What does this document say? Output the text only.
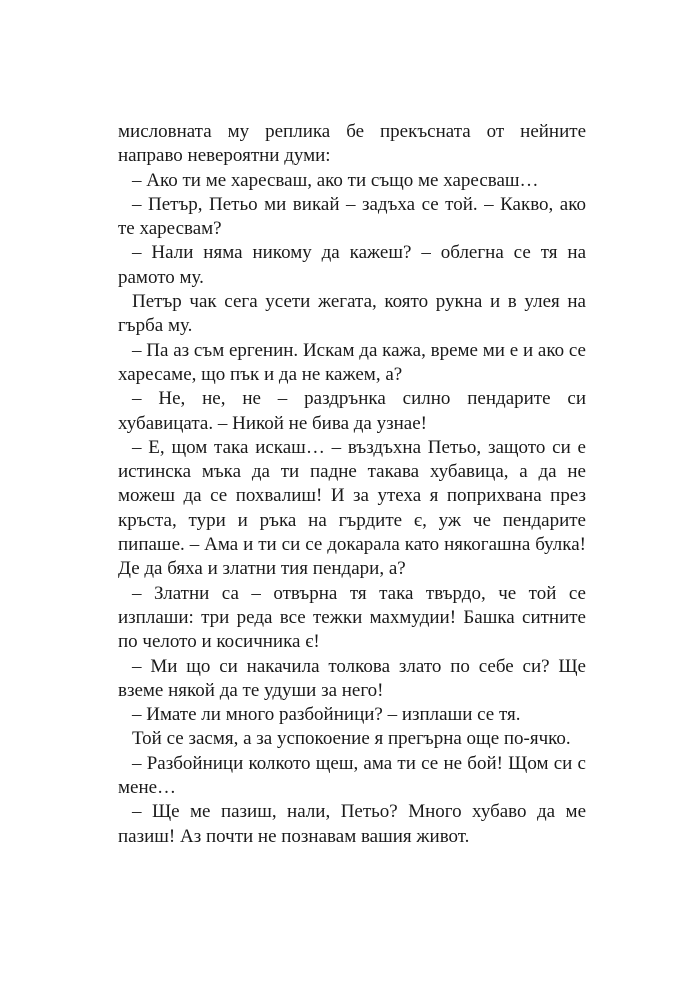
мисловната му реплика бе прекъсната от нейните направо невероятни думи:

– Ако ти ме харесваш, ако ти също ме харесваш…

– Петър, Петьо ми викай – задъха се той. – Какво, ако те харесвам?

– Нали няма никому да кажеш? – облегна се тя на рамото му.

Петър чак сега усети жегата, която рукна и в улея на гърба му.

– Па аз съм ергенин. Искам да кажа, време ми е и ако се харесаме, що пък и да не кажем, а?

– Не, не, не – раздрънка силно пендарите си хубавицата. – Никой не бива да узнае!

– Е, щом така искаш… – въздъхна Петьо, защото си е истинска мъка да ти падне такава хубавица, а да не можеш да се похвалиш! И за утеха я поприхвана през кръста, тури и ръка на гърдите є, уж че пендарите пипаше. – Ама и ти си се докарала като някогашна булка! Де да бяха и златни тия пендари, а?

– Златни са – отвърна тя така твърдо, че той се изплаши: три реда все тежки махмудии! Башка ситните по челото и косичника є!

– Ми що си накачила толкова злато по себе си? Ще вземе някой да те удуши за него!

– Имате ли много разбойници? – изплаши се тя.

Той се засмя, а за успокоение я прегърна още по-ячко.

– Разбойници колкото щеш, ама ти се не бой! Щом си с мене…

– Ще ме пазиш, нали, Петьо? Много хубаво да ме пазиш! Аз почти не познавам вашия живот.
